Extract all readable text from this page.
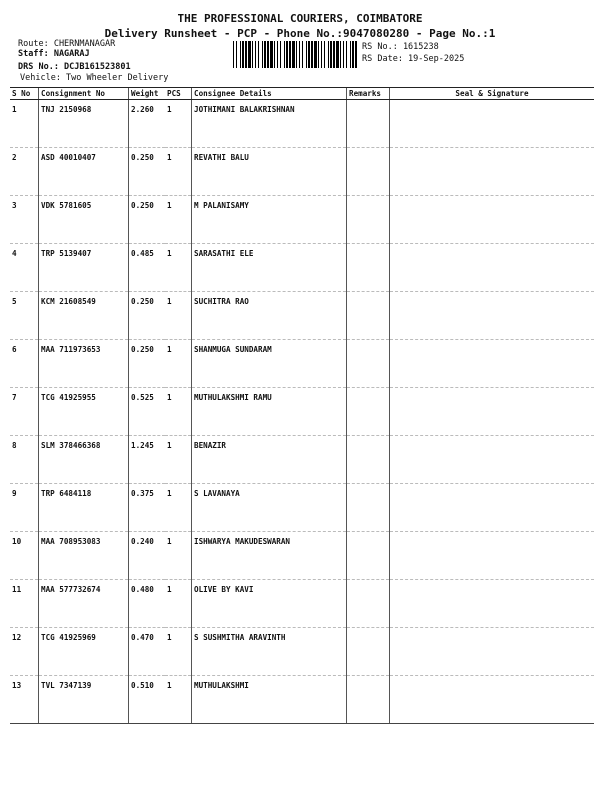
THE PROFESSIONAL COURIERS, COIMBATORE
Delivery Runsheet - PCP - Phone No.:9047080280 - Page No.:1
Route: CHERNMANAGAR
Staff: NAGARAJ
DRS No.: DCJB161523801
Vehicle: Two Wheeler Delivery
RS No.: 1615238
RS Date: 19-Sep-2025
S No	Consignment No	Weight	PCS	Consignee Details	Remarks	Seal & Signature
1	TNJ 2150968	2.260	1	JOTHIMANI BALAKRISHNAN		
2	ASD 40010407	0.250	1	REVATHI BALU		
3	VDK 5781605	0.250	1	M PALANISAMY		
4	TRP 5139407	0.485	1	SARASATHI ELE		
5	KCM 21608549	0.250	1	SUCHITRA RAO		
6	MAA 711973653	0.250	1	SHANMUGA SUNDARAM		
7	TCG 41925955	0.525	1	MUTHULAKSHMI RAMU		
8	SLM 378466368	1.245	1	BENAZIR		
9	TRP 6484118	0.375	1	S LAVANAYA		
10	MAA 708953083	0.240	1	ISHWARYA MAKUDESWARAN		
11	MAA 577732674	0.480	1	OLIVE BY KAVI		
12	TCG 41925969	0.470	1	S SUSHMITHA ARAVINTH		
13	TVL 7347139	0.510	1	MUTHULAKSHMI		
